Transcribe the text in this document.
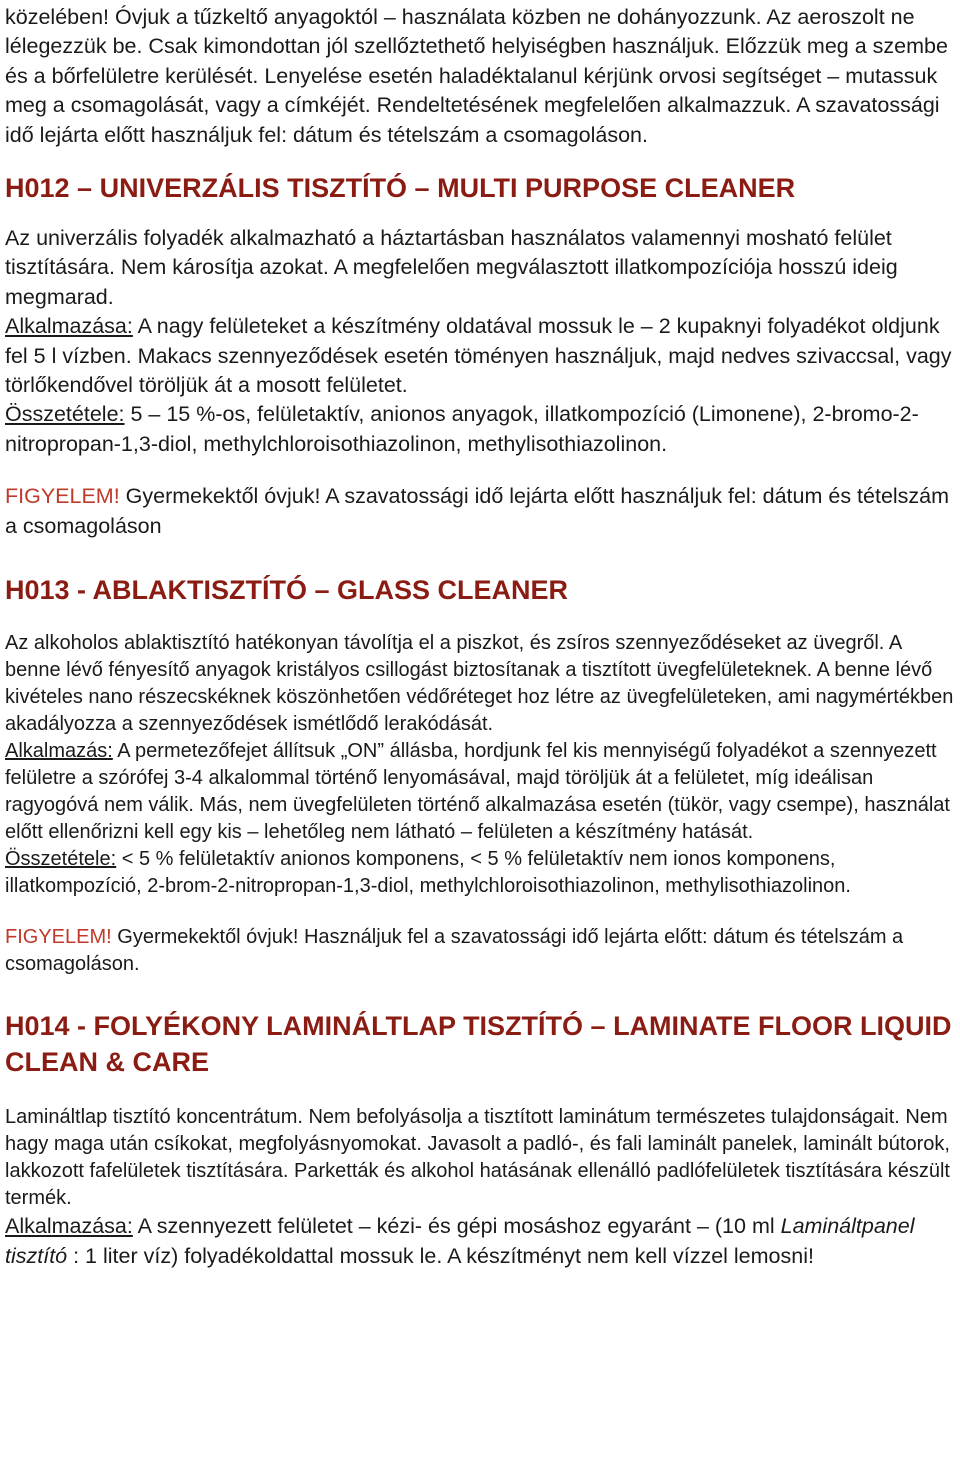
közelében! Óvjuk a tűzkeltő anyagoktól – használata közben ne dohányozzunk. Az aeroszolt ne lélegezzük be. Csak kimondottan jól szellőztethető helyiségben használjuk. Előzzük meg a szembe és a bőrfelületre kerülését. Lenyelése esetén haladéktalanul kérjünk orvosi segítséget – mutassuk meg a csomagolását, vagy a címkéjét. Rendeltetésének megfelelően alkalmazzuk. A szavatossági idő lejárta előtt használjuk fel: dátum és tételszám a csomagoláson.

H012 – UNIVERZÁLIS TISZTÍTÓ – MULTI PURPOSE CLEANER

Az univerzális folyadék alkalmazható a háztartásban használatos valamennyi mosható felület tisztítására. Nem károsítja azokat. A megfelelően megválasztott illatkompozíciója hosszú ideig megmarad.

Alkalmazása: A nagy felületeket a készítmény oldatával mossuk le – 2 kupaknyi folyadékot oldjunk fel 5 l vízben. Makacs szennyeződések esetén töményen használjuk, majd nedves szivaccsal, vagy törlőkendővel töröljük át a mosott felületet.

Összetétele: 5 – 15 %-os, felületaktív, anionos anyagok, illatkompozíció (Limonene), 2-bromo-2-nitropropan-1,3-diol, methylchloroisothiazolinon, methylisothiazolinon.

FIGYELEM! Gyermekektől óvjuk! A szavatossági idő lejárta előtt használjuk fel: dátum és tételszám a csomagoláson

H013 - ABLAKTISZTÍTÓ – GLASS CLEANER

Az alkoholos ablaktisztító hatékonyan távolítja el a piszkot, és zsíros szennyeződéseket az üvegről. A benne lévő fényesítő anyagok kristályos csillogást biztosítanak a tisztított üvegfelületeknek. A benne lévő kivételes nano részecskéknek köszönhetően védőréteget hoz létre az üvegfelületeken, ami nagymértékben akadályozza a szennyeződések ismétlődő lerakódását.

Alkalmazás: A permetezőfejet állítsuk „ON” állásba, hordjunk fel kis mennyiségű folyadékot a szennyezett felületre a szórófej 3-4 alkalommal történő lenyomásával, majd töröljük át a felületet, míg ideálisan ragyogóvá nem válik. Más, nem üvegfelületen történő alkalmazása esetén (tükör, vagy csempe), használat előtt ellenőrizni kell egy kis – lehetőleg nem látható – felületen a készítmény hatását.

Összetétele: < 5 % felületaktív anionos komponens, < 5 % felületaktív nem ionos komponens, illatkompozíció, 2-brom-2-nitropropan-1,3-diol, methylchloroisothiazolinon, methylisothiazolinon.

FIGYELEM! Gyermekektől óvjuk! Használjuk fel a szavatossági idő lejárta előtt: dátum és tételszám a csomagoláson.

H014 - FOLYÉKONY LAMINÁLTLAP TISZTÍTÓ – LAMINATE FLOOR LIQUID CLEAN & CARE

Lamináltlap tisztító koncentrátum. Nem befolyásolja a tisztított laminátum természetes tulajdonságait. Nem hagy maga után csíkokat, megfolyásnyomokat. Javasolt a padló-, és fali laminált panelek, laminált bútorok, lakkozott fafelületek tisztítására. Parketták és alkohol hatásának ellenálló padlófelületek tisztítására készült termék.

Alkalmazása: A szennyezett felületet – kézi- és gépi mosáshoz egyaránt – (10 ml Lamináltpanel tisztító : 1 liter víz) folyadékoldattal mossuk le. A készítményt nem kell vízzel lemosni!
